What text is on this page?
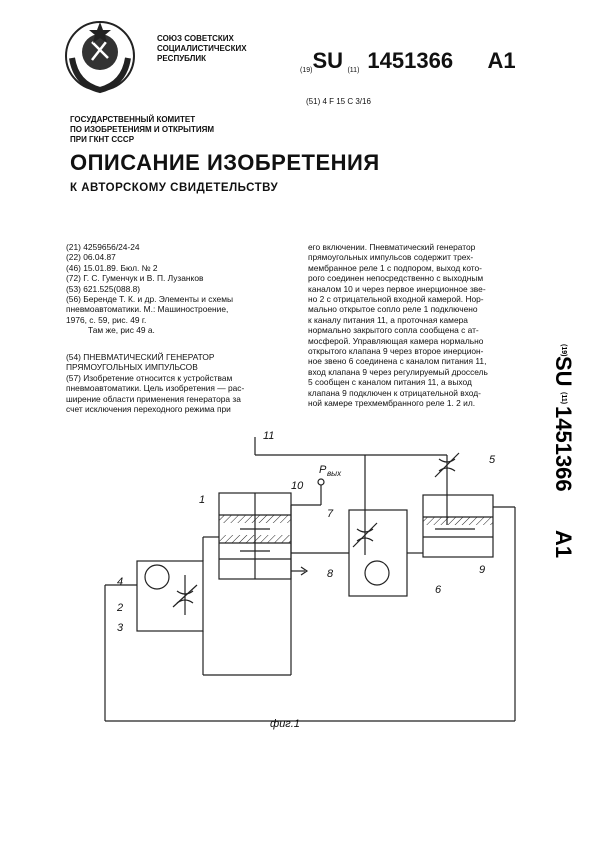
СОЮЗ СОВЕТСКИХ
СОЦИАЛИСТИЧЕСКИХ
РЕСПУБЛИК
(19)SU (11) 1451366 A1
(51) 4 F 15 C 3/16
ГОСУДАРСТВЕННЫЙ КОМИТЕТ
ПО ИЗОБРЕТЕНИЯМ И ОТКРЫТИЯМ
ПРИ ГКНТ СССР
ОПИСАНИЕ ИЗОБРЕТЕНИЯ
К АВТОРСКОМУ СВИДЕТЕЛЬСТВУ
(21) 4259656/24-24
(22) 06.04.87
(46) 15.01.89. Бюл. № 2
(72) Г. С. Гуменчук и В. П. Лузанков
(53) 621.525(088.8)
(56) Беренде Т. К. и др. Элементы и схемы
пневмоавтоматики. М.: Машиностроение,
1976, с. 59, рис. 49 г.
Там же, рис 49 а.
(54) ПНЕВМАТИЧЕСКИЙ ГЕНЕРАТОР
ПРЯМОУГОЛЬНЫХ ИМПУЛЬСОВ
(57) Изобретение относится к устройствам
пневмоавтоматики. Цель изобретения — рас-
ширение области применения генератора за
счет исключения переходного режима при
его включении. Пневматический генератор
прямоугольных импульсов содержит трех-
мембранное реле 1 с подпором, выход кото-
рого соединен непосредственно с выходным
каналом 10 и через первое инерционное зве-
но 2 с отрицательной входной камерой. Нор-
мально открытое сопло реле 1 подключено
к каналу питания 11, а проточная камера
нормально закрытого сопла сообщена с ат-
мосферой. Управляющая камера нормально
открытого клапана 9 через второе инерцион-
ное звено 6 соединена с каналом питания 11,
вход клапана 9 через регулируемый дроссель
5 сообщен с каналом питания 11, а выход
клапана 9 подключен к отрицательной вход-
ной камере трехмембранного реле 1. 2 ил.
(19)
SU
(11)
1451366
A1
11
10
P вых
1
2
3
4
5
6
7
8	9
фиг.1
